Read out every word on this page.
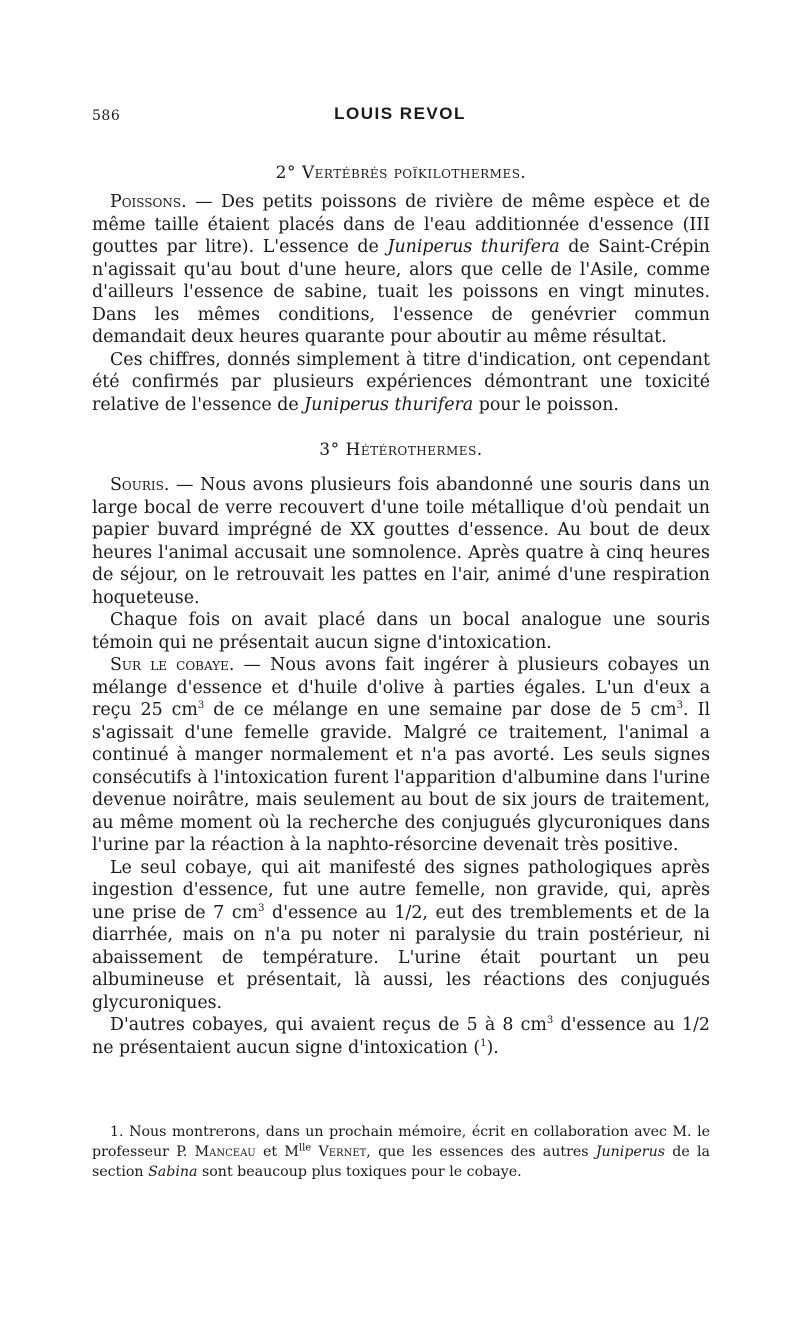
586	LOUIS REVOL
2° Vertébrés poïkilothermes.

Poissons. — Des petits poissons de rivière de même espèce et de même taille étaient placés dans de l'eau additionnée d'essence (III gouttes par litre). L'essence de Juniperus thurifera de Saint-Crépin n'agissait qu'au bout d'une heure, alors que celle de l'Asile, comme d'ailleurs l'essence de sabine, tuait les poissons en vingt minutes. Dans les mêmes conditions, l'essence de genévrier commun demandait deux heures quarante pour aboutir au même résultat.

Ces chiffres, donnés simplement à titre d'indication, ont cependant été confirmés par plusieurs expériences démontrant une toxicité relative de l'essence de Juniperus thurifera pour le poisson.

3° Hétérothermes.

Souris. — Nous avons plusieurs fois abandonné une souris dans un large bocal de verre recouvert d'une toile métallique d'où pendait un papier buvard imprégné de XX gouttes d'essence. Au bout de deux heures l'animal accusait une somnolence. Après quatre à cinq heures de séjour, on le retrouvait les pattes en l'air, animé d'une respiration hoqueteuse.

Chaque fois on avait placé dans un bocal analogue une souris témoin qui ne présentait aucun signe d'intoxication.

Sur le cobaye. — Nous avons fait ingérer à plusieurs cobayes un mélange d'essence et d'huile d'olive à parties égales. L'un d'eux a reçu 25 $cm^3$ de ce mélange en une semaine par dose de 5 $cm^3$. Il s'agissait d'une femelle gravide. Malgré ce traitement, l'animal a continué à manger normalement et n'a pas avorté. Les seuls signes consécutifs à l'intoxication furent l'apparition d'albumine dans l'urine devenue noirâtre, mais seulement au bout de six jours de traitement, au même moment où la recherche des conjugués glycuroniques dans l'urine par la réaction à la naphto-résorcine devenait très positive.

Le seul cobaye, qui ait manifesté des signes pathologiques après ingestion d'essence, fut une autre femelle, non gravide, qui, après une prise de 7 $cm^3$ d'essence au 1/2, eut des tremblements et de la diarrhée, mais on n'a pu noter ni paralysie du train postérieur, ni abaissement de température. L'urine était pourtant un peu albumineuse et présentait, là aussi, les réactions des conjugués glycuroniques.

D'autres cobayes, qui avaient reçus de 5 à 8 $cm^3$ d'essence au 1/2 ne présentaient aucun signe d'intoxication ($^1$).

1. Nous montrerons, dans un prochain mémoire, écrit en collaboration avec M. le professeur P. Manceau et $M^{lle}$ Vernet, que les essences des autres Juniperus de la section Sabina sont beaucoup plus toxiques pour le cobaye.
